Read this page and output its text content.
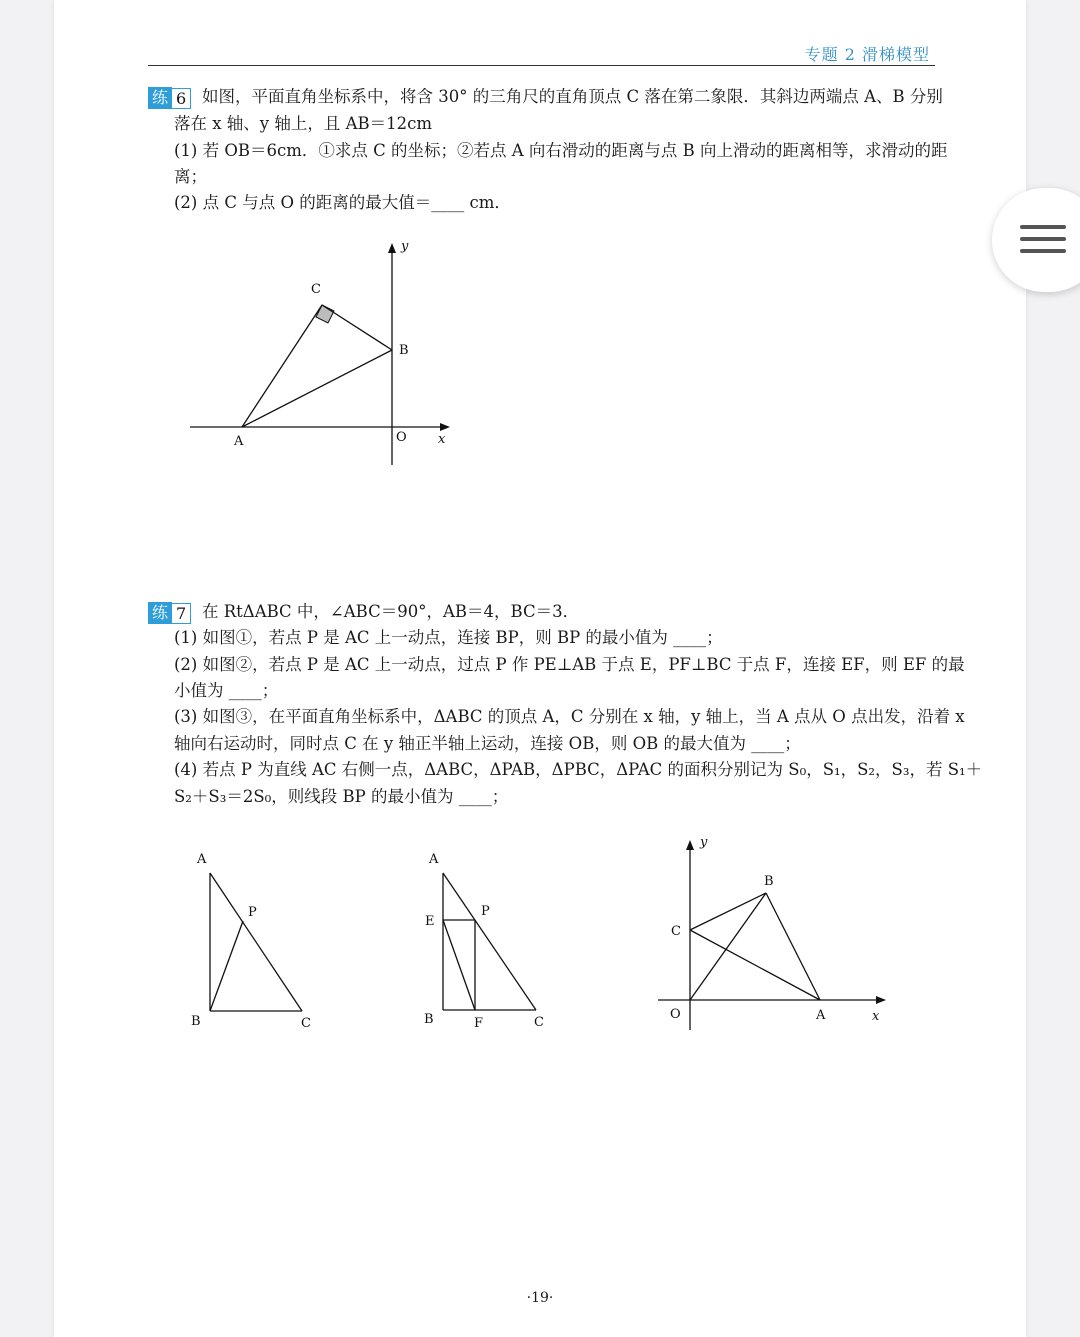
专题 2 滑梯模型
练 6 如图，平面直角坐标系中，将含 30° 的三角尺的直角顶点 C 落在第二象限．其斜边两端点 A、B 分别
落在 x 轴、y 轴上，且 AB＝12cm
(1) 若 OB＝6cm．①求点 C 的坐标；②若点 A 向右滑动的距离与点 B 向上滑动的距离相等，求滑动的距
离；
(2) 点 C 与点 O 的距离的最大值＝____ cm．
y
x
C
B
A	O
练 7 在 RtΔABC 中，∠ABC＝90°，AB＝4，BC＝3．
(1) 如图①，若点 P 是 AC 上一动点，连接 BP，则 BP 的最小值为 ____；
(2) 如图②，若点 P 是 AC 上一动点，过点 P 作 PE⊥AB 于点 E，PF⊥BC 于点 F，连接 EF，则 EF 的最
小值为 ____；
(3) 如图③，在平面直角坐标系中，ΔABC 的顶点 A，C 分别在 x 轴，y 轴上，当 A 点从 O 点出发，沿着 x
轴向右运动时，同时点 C 在 y 轴正半轴上运动，连接 OB，则 OB 的最大值为 ____；
(4) 若点 P 为直线 AC 右侧一点，ΔABC，ΔPAB，ΔPBC，ΔPAC 的面积分别记为 S₀，S₁，S₂，S₃，若 S₁＋
S₂＋S₃＝2S₀，则线段 BP 的最小值为 ____；
A
P
B	C
A
E
P
B	F	C
y
B
C
O	A	x
·19·
